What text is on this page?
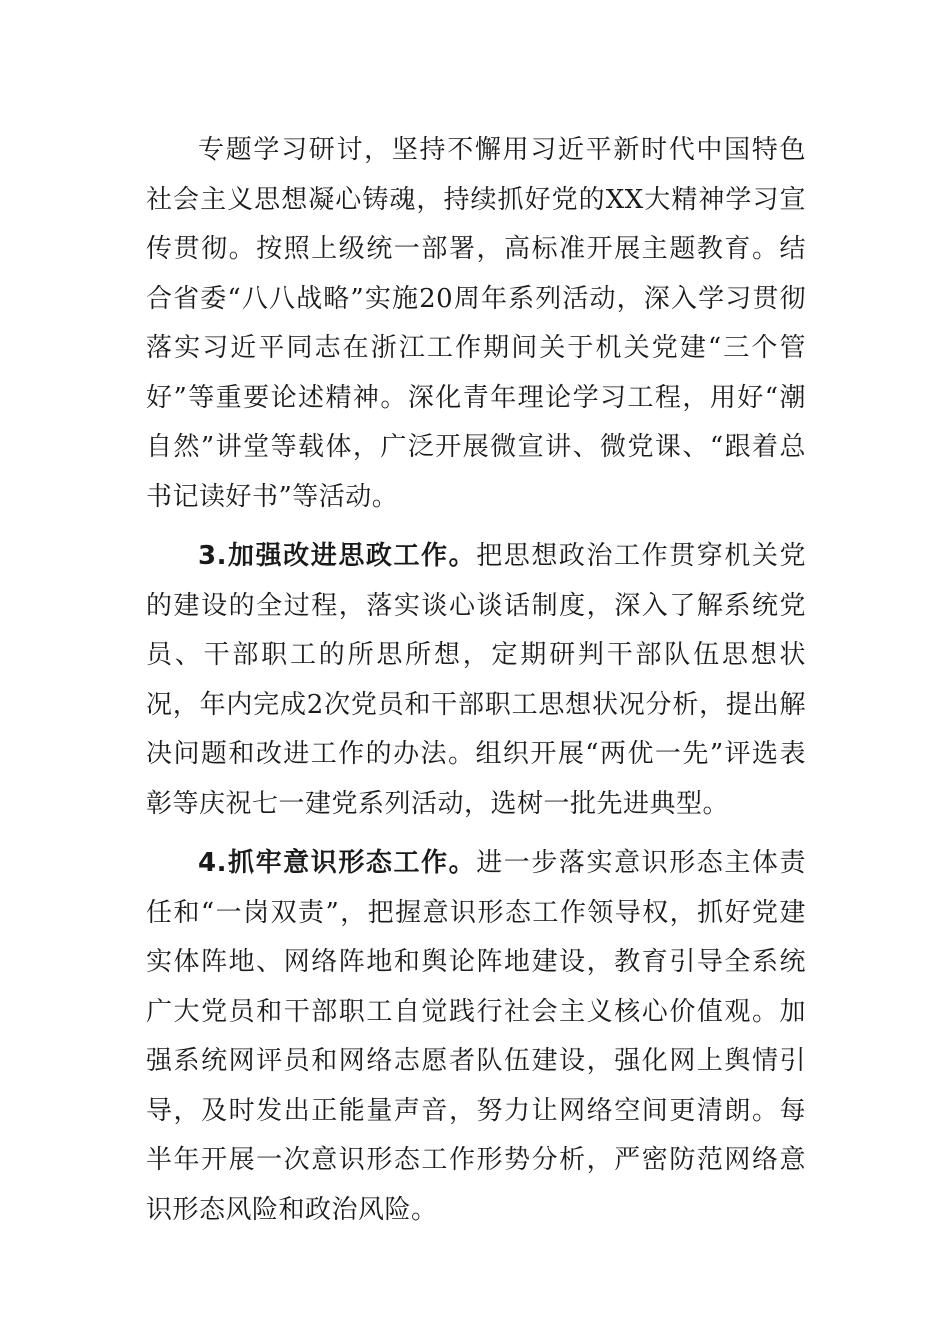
专题学习研讨，坚持不懈用习近平新时代中国特色社会主义思想凝心铸魂，持续抓好党的XX大精神学习宣传贯彻。按照上级统一部署，高标准开展主题教育。结合省委“八八战略”实施20周年系列活动，深入学习贯彻落实习近平同志在浙江工作期间关于机关党建“三个管好”等重要论述精神。深化青年理论学习工程，用好“潮自然”讲堂等载体，广泛开展微宣讲、微党课、“跟着总书记读好书”等活动。

3.加强改进思政工作。把思想政治工作贯穿机关党的建设的全过程，落实谈心谈话制度，深入了解系统党员、干部职工的所思所想，定期研判干部队伍思想状况，年内完成2次党员和干部职工思想状况分析，提出解决问题和改进工作的办法。组织开展“两优一先”评选表彰等庆祝七一建党系列活动，选树一批先进典型。

4.抓牢意识形态工作。进一步落实意识形态主体责任和“一岗双责”，把握意识形态工作领导权，抓好党建实体阵地、网络阵地和舆论阵地建设，教育引导全系统广大党员和干部职工自觉践行社会主义核心价值观。加强系统网评员和网络志愿者队伍建设，强化网上舆情引导，及时发出正能量声音，努力让网络空间更清朗。每半年开展一次意识形态工作形势分析，严密防范网络意识形态风险和政治风险。
